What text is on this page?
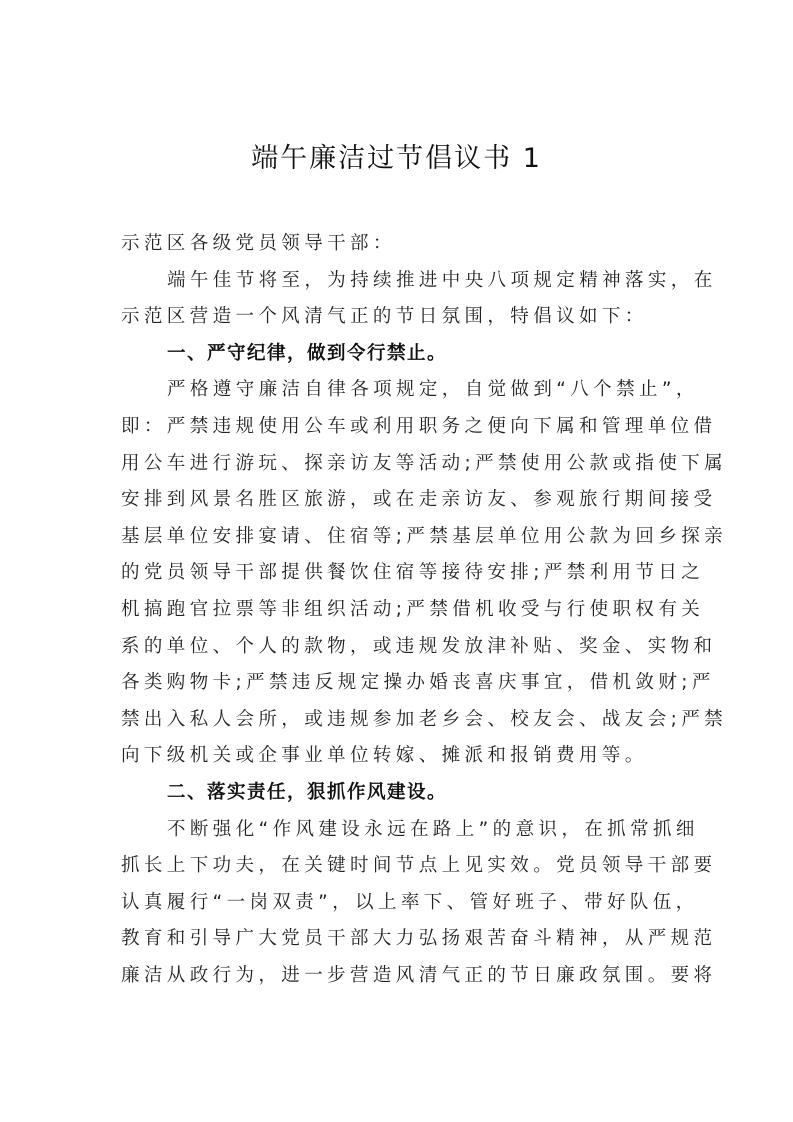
端午廉洁过节倡议书 1
示范区各级党员领导干部：
端午佳节将至，为持续推进中央八项规定精神落实，在
示范区营造一个风清气正的节日氛围，特倡议如下：
一、严守纪律，做到令行禁止。
严格遵守廉洁自律各项规定，自觉做到“八个禁止”，
即：严禁违规使用公车或利用职务之便向下属和管理单位借
用公车进行游玩、探亲访友等活动;严禁使用公款或指使下属
安排到风景名胜区旅游，或在走亲访友、参观旅行期间接受
基层单位安排宴请、住宿等;严禁基层单位用公款为回乡探亲
的党员领导干部提供餐饮住宿等接待安排;严禁利用节日之
机搞跑官拉票等非组织活动;严禁借机收受与行使职权有关
系的单位、个人的款物，或违规发放津补贴、奖金、实物和
各类购物卡;严禁违反规定操办婚丧喜庆事宜，借机敛财;严
禁出入私人会所，或违规参加老乡会、校友会、战友会;严禁
向下级机关或企事业单位转嫁、摊派和报销费用等。
二、落实责任，狠抓作风建设。
不断强化“作风建设永远在路上”的意识，在抓常抓细
抓长上下功夫，在关键时间节点上见实效。党员领导干部要
认真履行“一岗双责”，以上率下、管好班子、带好队伍，
教育和引导广大党员干部大力弘扬艰苦奋斗精神，从严规范
廉洁从政行为，进一步营造风清气正的节日廉政氛围。要将
